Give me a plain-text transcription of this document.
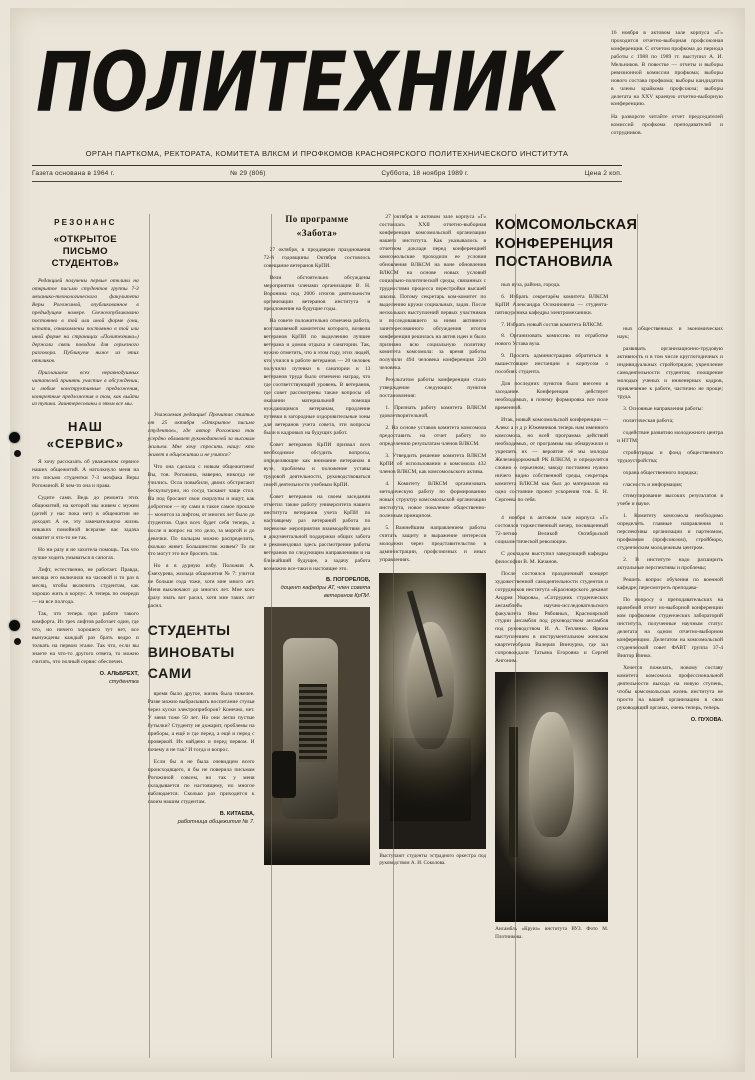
ПОЛИТЕХНИК
ОРГАН ПАРТКОМА, РЕКТОРАТА, КОМИТЕТА ВЛКСМ И ПРОФКОМОВ КРАСНОЯРСКОГО ПОЛИТЕХНИЧЕСКОГО ИНСТИТУТА
Газета основана в 1964 г.	№ 29 (806)	Суббота, 18 ноября 1989 г.	Цена 2 коп.

16 ноября в актовом зале корпуса «Г» проходится отчетно-выборная профсоюзная конференция. С отчетом профкома до периода работы с 1988 по 1989 гг. выступил А. И. Мельников. В повестке — отчеты и выборы ревизионной комиссии профкома; выборы нового состава профкома; выборы кандидатов в члены крайкома профсоюза; выборы делегата на XXV краевую отчетно-выборную конференцию.

На развороте читайте отчет председателей комиссий профкома преподавателей и сотрудников.

РЕЗОНАНС
«ОТКРЫТОЕ ПИСЬМО СТУДЕНТОВ»

Редакцией получены первые отклики на открытое письмо студентов группы 7-3 механико-технологического факультета Веры Рогожиной, опубликованное в предыдущем номере. Свежеопубликовано постоянно в той или иной форме (они, кстати, ознакомлены постоянно в той или иной форме на страницах «Политехника») держали связь поводом для серьезного разговора. Публикуем ниже из этих откликов.

Приглашаем всех неравнодушных читателей принять участие в обсуждении, и любые конструктивные предложения, конкретные предложения о том, как выйти из тупика. Заинтересованы в этом все мы.

НАШ
«СЕРВИС»

Я хочу рассказать об уважаемом сервисе наших общежитий. А натолкнуло меня на это письмо студентки 7-3 мехфака Веры Рогожиной. В чем-то она и права.

Судите сами. Ведь до ремонта этих общежитий, на которой мы живем с мужем (детей у нас пока нет) в общежитии не доходят. А ее, эту замечательную жизнь никаких помойной всеразве вас задача охватит и что-то не так.

Но ни разу я не захотела помощь. Так что лучше ходить умываться в сапогах.

Лифт, естественно, не работает. Правда, месяца его включили на часовой и то раз в месяц, чтобы включить студентам, как хорошо жить в корпус. А теперь по очереди — на все полгода.

Так, что теперь при работе такого комфорта. Из трех лифтов работает один, где что, но ничего хорошего тут нет, все вынуждены каждый раз брать ведро и толкать на первом этаже. Так что, если вы знаете на что-то другого ответа, то можно считать, что полный сервис обеспечен.

О. АЛЬБРЕХТ,
студентка

Уважаемая редакция! Прочитав статью от 25 октября «Открытое письмо студентов», где автор Рогожина так усердно обливает руководителей за высоким жильем. Мне хочу спросить нашу: кто живет в общежитии и не учится?

Что она сделала с новым общежитием! Вы, тов. Рогожина, наверно, никогда не учились. Осла повыбили, двоих обстригают бескультурно, но сосуд таскают чаще стол. На под бросают свои скорлупы и ищут, как добротное — ну сами в такое самое прошло — мочится за лифтом, от многих лет было до студентов. Одел всех будет себя теперь, а после и вопрос на это дело, за моргой и до девочки. По пальцам можно распределить, сколько живет. Большинство живем? То ли что могут это все бросить так.

Но я в дурную избу. Положив А. Смехурева, жильца общежития № 7: учится не больше года тоже, хотя мне много лет. Меня выключают до многих лет. Мне кого сразу знать вот расил, хотя мне таких лет расил.

СТУДЕНТЫ
ВИНОВАТЫ
САМИ

время было другое, жизнь была тяжелее. Разве можно выбрасывать воспитание стулья через куски электроприборов? Конечно, нет. У меня тоже 50 лет. Но они легли пустые бутылки? Студенту не дожарит, проблемы на приборы, а ещё и где перед, а ещё и перед с проверкой. Их найдено и перед первом. И почему я не так? И тогда и вопрос.

Если бы я не была очевидцем всего происходящего, я бы не поверила письмам Рогожиной совсем, но так у меня складывается по настоящему, но многое наблюдается. Сколько раз приходится к своим нашим студентам.

В. КИТАЕВА,
работница общежития № 7.
По программе
«Забота»

27 октября, в преддверии празднования 72-й годовщины Октября состоялось совещание ветеранов КрПИ.

Вели обстоятельно обсуждены мероприятия членами организации В. Н. Воронина под 2006 итогов деятельности организации ветеранов института и предложения на будущие годы.

На совете положительно отмечена работа, возглавляемой комитетом которого, возвели ветеранов КрПИ по выделению лучшее ветерана и домов отдыха и санатории. Так, нужно отметить, что в этом году, этих людей, кто учился в работе ветеранов — 20 человек получили путевки в санатории и 13 ветеранов труда было отмечено наград, что где соответствующий уровень. В ветеранов, где совет рассмотрены также вопросы об оказании материальной помощи нуждающимся ветеранам, продление путевки в загородные оздоровительные зоны для ветеранов учета совета, эти вопросы были в кадровых на будущих работ.

Совет ветеранов КрПИ призвал всех необходимое обсудить вопросы, определяющие как внимание ветеранам в вузе, проблемы и положение уставы трудовой деятельности, руководствоваться своей деятельности учебным КрПИ.

Совет ветеранов на своем заседании отметил также работу университета нашего института ветеранов учета КрПИ по настоящему раз ветераний работа по перевозке мероприятия взаимодействия дел в документальной поддержки общих забота и рекомендовал здесь рассмотрение работы ветеранов по следующим направлениям и на ближайший будущее, а задачу работа возможно все-таки в настоящее это.

В. ПОГОРЕЛОВ,
доцент кафедры АТ, член совета ветеранов КрПИ.

27 октября в актовом зале корпуса «Г» состоялась XXII отчетно-выборная конференция комсомольской организации нашего института. Как указывалось в отчетном докладе перед конференцией комсомольские проходили ее условия обновления ВЛКСМ на воне обновления ВЛКСМ на основе новых условий социально-политической среды, связанных с трудностями процесса перестройки высшей школы. Потому секретарь ком-комитет по выделению кружи социальных, задач. После нескольких выступлений первых участников и последовавшего за ними активного заинтересованного обсуждения итогов конференция решилась на актив идеи и было признано всю социальную политику комитета комсомола: за время работы получили 494 человека конференция 220 человека.

Результатом работы конференции стало утверждение следующих пунктов постановления:

1. Признать работу комитета ВЛКСМ удовлетворительной.

2. На основе уставов комитета комсомола предоставить на отчет работу по определению результатам членов ВЛКСМ.

3. Утвердить решение комитета ВЛКСМ КрПИ об использовании и комсомола 432 членов ВЛКСМ, как комсомольского актива.

4. Комитету ВЛКСМ организовать методическую работу по формированию новых структур комсомольской организации института, новое поколение общественно-полезным принципом.

5. Важнейшим направлением работы считать защиту и выражение интересов молодежи через представительство в администрации, профсоюзных и иных управлениях.

Выступают студенты эстрадного оркестра под руководством А. И. Соколова.
КОМСОМОЛЬСКАЯ КОНФЕРЕНЦИЯ ПОСТАНОВИЛА

ных вуза, района, города.

6. Избрать секретарём комитета ВЛКСМ КрПИ Александра Осокиновича — студента-пятикурсника кафедры электромеханики.

7. Избрать новый состав комитета ВЛКСМ.

8. Организовать комиссию по отработке нового Устава вуза.

9. Просить администрацию обратиться в вышестоящие инстанции о корпусом о пособиях студента.

Для последних пунктов было внесено в заседание. Конференция действует необходимых, в почему формировка все поле временной.

Итак, новый комсомольской конференции — Алекс а н д р Южевников теперь нам именного комсомола, но всей программа действий необходимых, от программы мы обнаружили и укрепить их — вероятие её мы молоды Железнодорожный РК ВЛКСМ, и определится словно о серьезном; заводу постоянно нужно ничего видно собственной среды, секретарь комитета ВЛКСМ как был до материалов на одно состояние проект ускорения тов. Б. Н. Сергеева по себя.

4 ноября в актовом зале корпуса «Г» состоялся торжественный вечер, посвященный 72-летию Великой Октябрьской социалистической революции.

С докладом выступил заведующий кафедры философии В. М. Качанов.

После состоялся праздничный концерт художественной самодеятельности студентов и сотрудников института «Красноярского деканат Андрея Уварова», «Сотрудник студенческих ансамблей» научно-исследовательского факультета Яны Рябовных, Красноярской студии ансамбля под руководством ансамбля под руководством И. А. Теплянко. Ярким выступлением в инструментальном женском квартетеобраза Валерия Винчурна, где зал сопровождали Татьяна Егоровна и Сергей Ангоним.

Ансамбль «Круиз» института ВУЗ. Фото М. Плотникова.

ных общественных и экономических наук;

развивать организационно-трудовую активность и в том числе круглогодичных и индивидуальных стройотрядов; укрепление самодеятельности студентов; поощрение молодых ученых и инженерных кадров, привлечение к работе, частично не проще; труда.

3. Основные направления работы:

политическая работа;

содействие развитию молодежного центра и НТТМ;

стройотряды и фонд общественного трудоустройства;

охрана общественного порядка;

гласность и информация;

стимулирование высоких результатов в учебе и науке.

1. Комитету комсомола необходимо определить главные направления и перспективы организации и партномом, профкомом (профсоюзом), стройбюро, студенческим молодежным центром.

2. В институте надо расширить актуальные перспективы и проблемы;

Решить вопрос обучения по военной кафедре; пересмотреть преподава-

По вопросу о преподавательских на врачебной отчет но-выборной конференции ком профкомом студенческих лабораторий института, полученные научным статус делегата на одном отчетно-выборном конференцию. Делегатом на комсомольской студенческой совет ФАВТ группа 37-4 Виктор Винко.

Хочется пожелать, новому составу комитета комсомола профессиональной деятельности выхода на новую ступень, чтобы комсомольская жизнь института не просто на вашей организацию в свои руководящий органах, очень теперь, теперь.

О. ПУХОВА.
